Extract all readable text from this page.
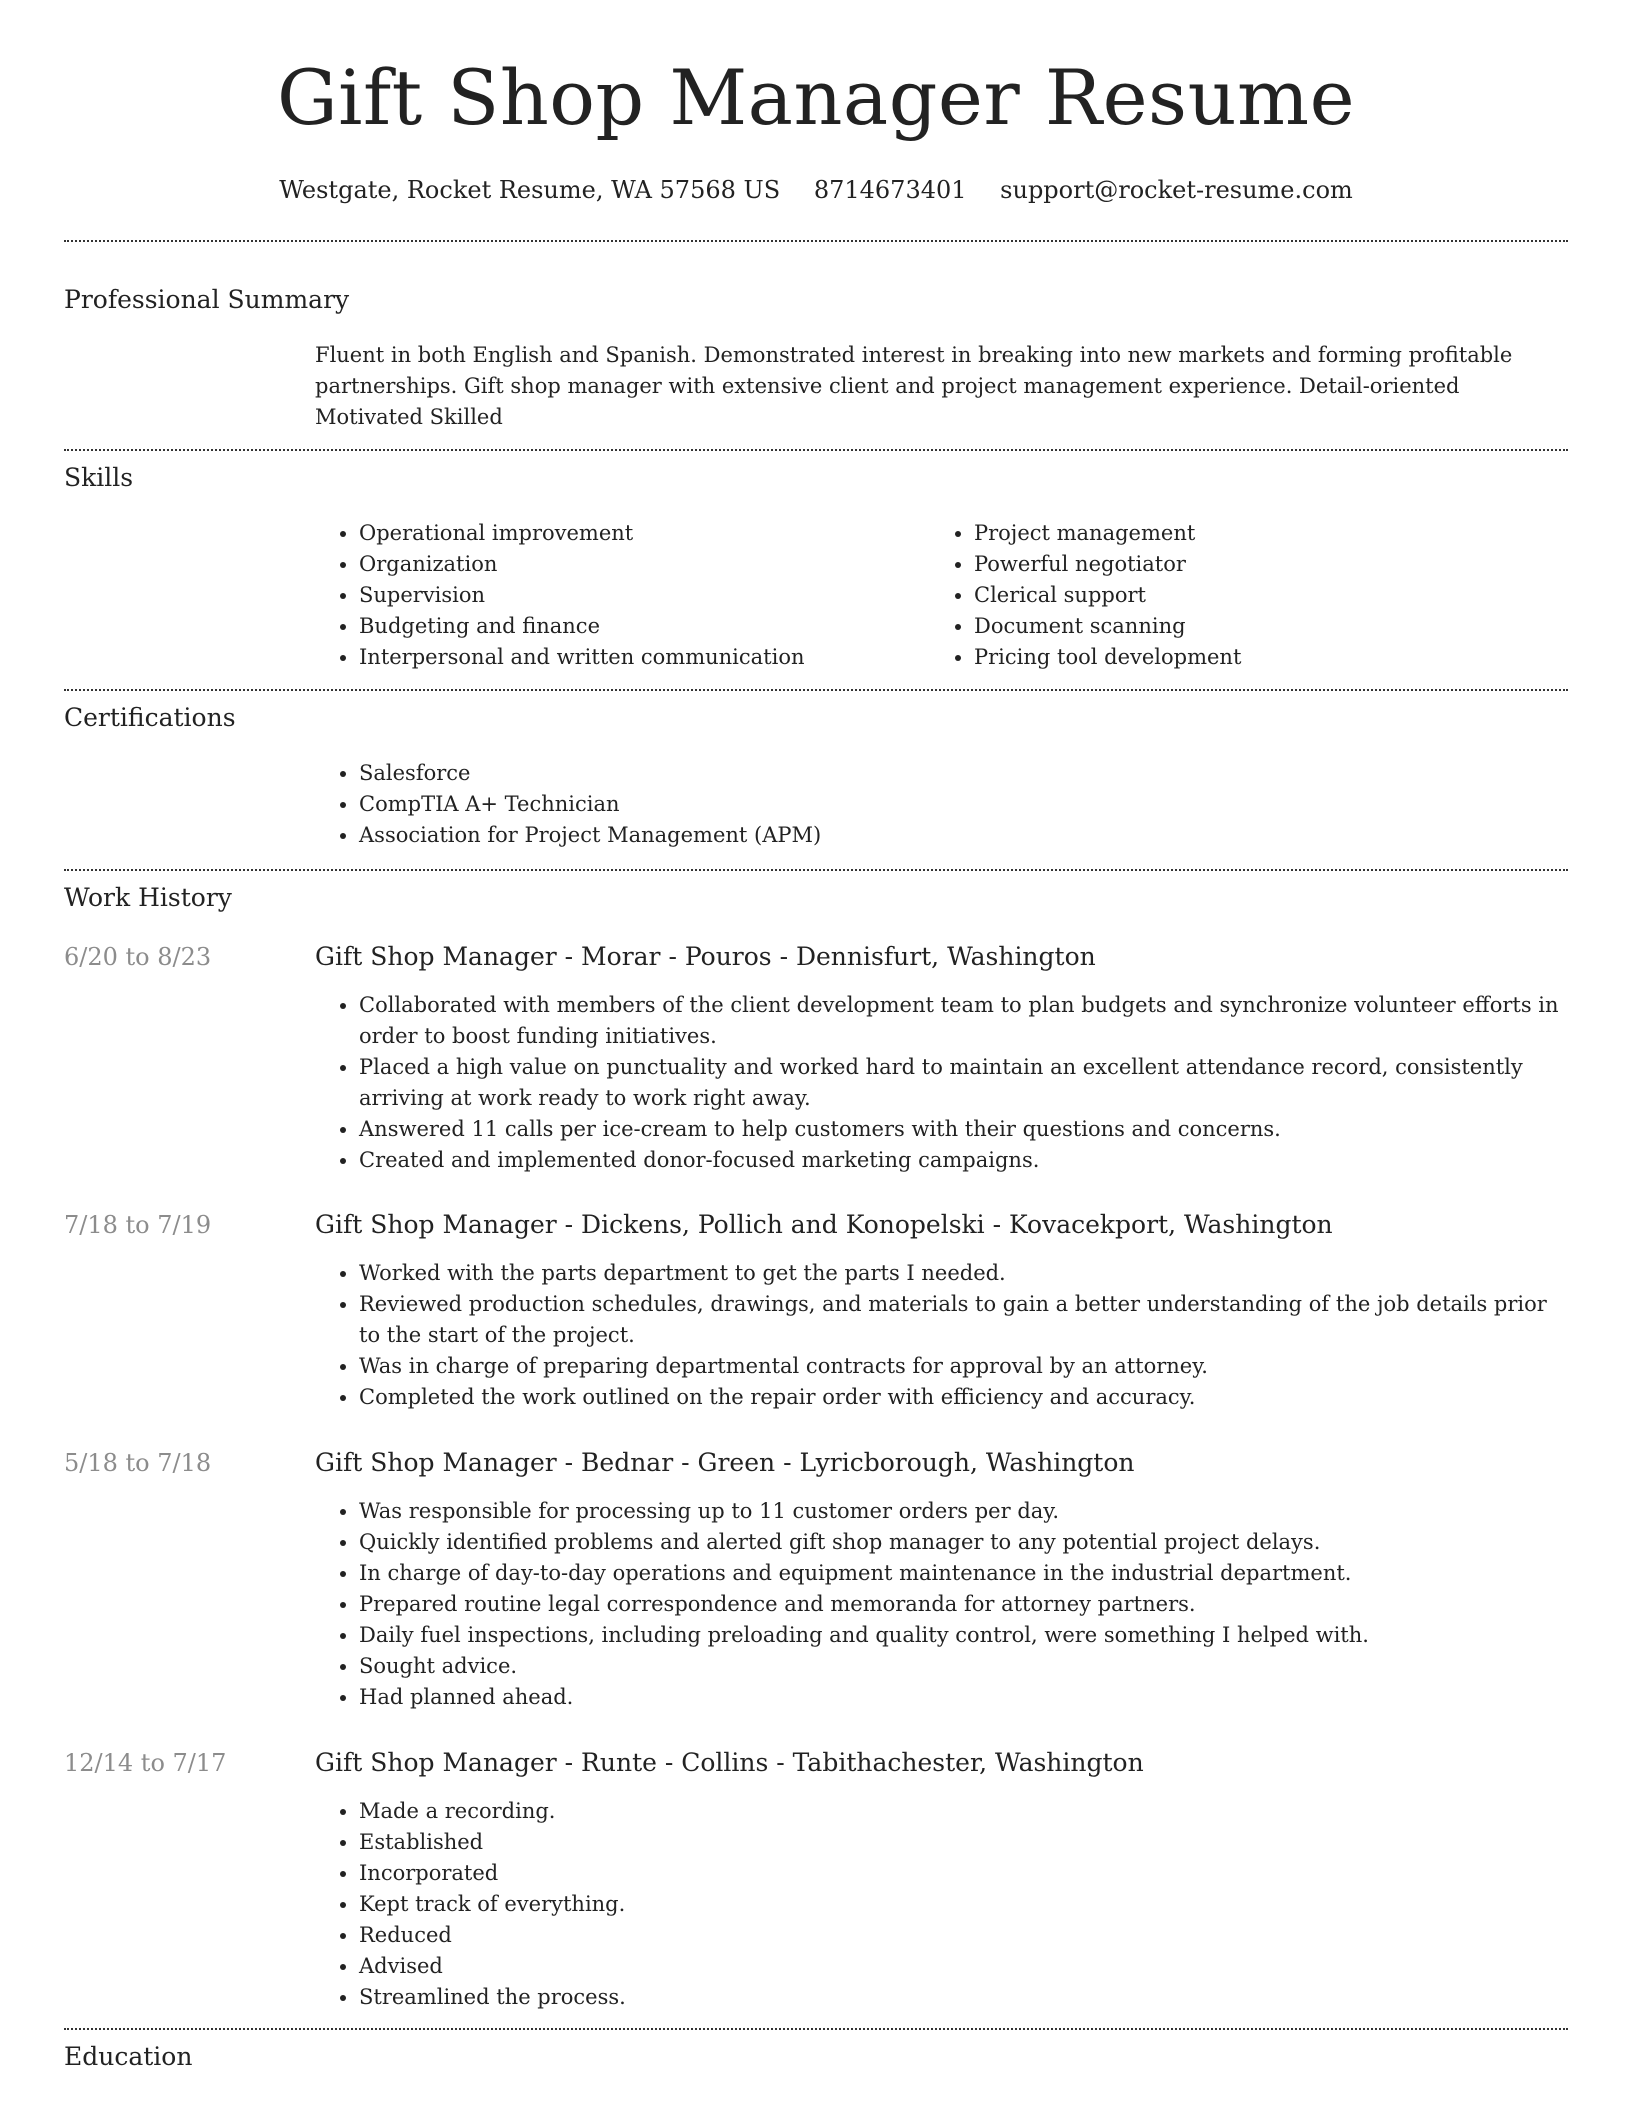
Gift Shop Manager Resume
Westgate, Rocket Resume, WA 57568 US 8714673401 support@rocket-resume.com
Professional Summary
Fluent in both English and Spanish. Demonstrated interest in breaking into new markets and forming profitable partnerships. Gift shop manager with extensive client and project management experience. Detail-oriented Motivated Skilled
Skills
• Operational improvement
• Organization
• Supervision
• Budgeting and finance
• Interpersonal and written communication
• Project management
• Powerful negotiator
• Clerical support
• Document scanning
• Pricing tool development
Certifications
• Salesforce
• CompTIA A+ Technician
• Association for Project Management (APM)
Work History
6/20 to 8/23	Gift Shop Manager - Morar - Pouros - Dennisfurt, Washington
• Collaborated with members of the client development team to plan budgets and synchronize volunteer efforts in order to boost funding initiatives.
• Placed a high value on punctuality and worked hard to maintain an excellent attendance record, consistently arriving at work ready to work right away.
• Answered 11 calls per ice-cream to help customers with their questions and concerns.
• Created and implemented donor-focused marketing campaigns.
7/18 to 7/19	Gift Shop Manager - Dickens, Pollich and Konopelski - Kovacekport, Washington
• Worked with the parts department to get the parts I needed.
• Reviewed production schedules, drawings, and materials to gain a better understanding of the job details prior to the start of the project.
• Was in charge of preparing departmental contracts for approval by an attorney.
• Completed the work outlined on the repair order with efficiency and accuracy.
5/18 to 7/18	Gift Shop Manager - Bednar - Green - Lyricborough, Washington
• Was responsible for processing up to 11 customer orders per day.
• Quickly identified problems and alerted gift shop manager to any potential project delays.
• In charge of day-to-day operations and equipment maintenance in the industrial department.
• Prepared routine legal correspondence and memoranda for attorney partners.
• Daily fuel inspections, including preloading and quality control, were something I helped with.
• Sought advice.
• Had planned ahead.
12/14 to 7/17	Gift Shop Manager - Runte - Collins - Tabithachester, Washington
• Made a recording.
• Established
• Incorporated
• Kept track of everything.
• Reduced
• Advised
• Streamlined the process.
Education
